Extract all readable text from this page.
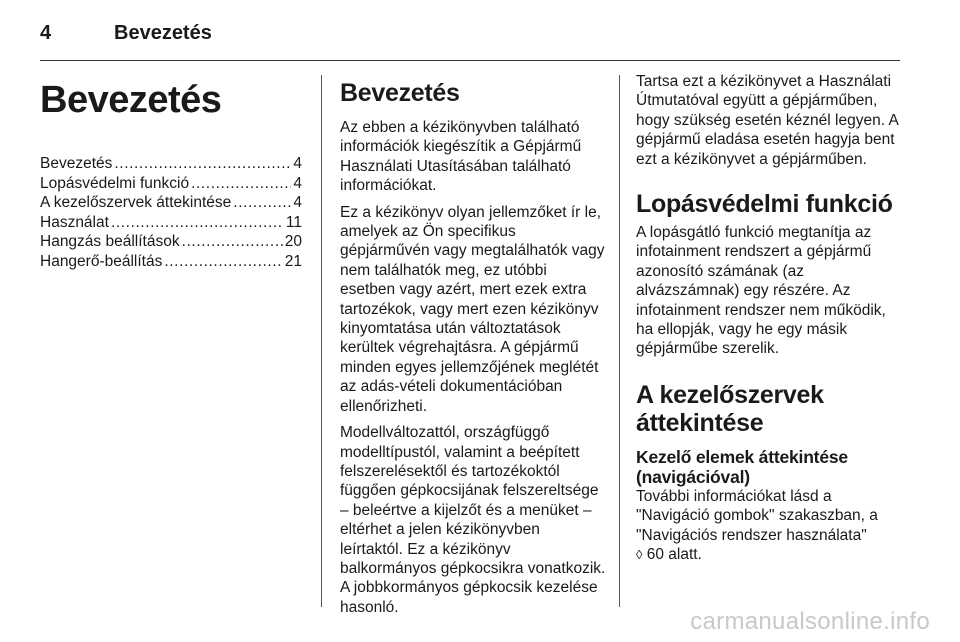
4	Bevezetés
Bevezetés
Bevezetés .....	4
Lopásvédelmi funkció .....	4
A kezelőszervek áttekintése .....	4
Használat .....	11
Hangzás beállítások .....	20
Hangerő-beállítás .....	21
Bevezetés

Az ebben a kézikönyvben található információk kiegészítik a Gépjármű Használati Utasításában található információkat.

Ez a kézikönyv olyan jellemzőket ír le, amelyek az Ön specifikus gépjárművén vagy megtalálhatók vagy nem találhatók meg, ez utóbbi esetben vagy azért, mert ezek extra tartozékok, vagy mert ezen kézikönyv kinyomtatása után változtatások kerültek végrehajtásra. A gépjármű minden egyes jellemzőjének meglétét az adás-vételi dokumentációban ellenőrizheti.

Modellváltozattól, országfüggő modelltípustól, valamint a beépített felszerelésektől és tartozékoktól függően gépkocsijának felszereltsége – beleértve a kijelzőt és a menüket – eltérhet a jelen kézikönyvben leírtaktól. Ez a kézikönyv balkormányos gépkocsikra vonatkozik. A jobbkormányos gépkocsik kezelése hasonló.

Tartsa ezt a kézikönyvet a Használati Útmutatóval együtt a gépjárműben, hogy szükség esetén kéznél legyen. A gépjármű eladása esetén hagyja bent ezt a kézikönyvet a gépjárműben.

Lopásvédelmi funkció

A lopásgátló funkció megtanítja az infotainment rendszert a gépjármű azonosító számának (az alvázszámnak) egy részére. Az infotainment rendszer nem működik, ha ellopják, vagy he egy másik gépjárműbe szerelik.

A kezelőszervek
áttekintése
Kezelő elemek áttekintése
(navigációval)

További információkat lásd a
"Navigáció gombok" szakaszban, a
"Navigációs rendszer használata"
◊ 60 alatt.

carmanualsonline.info
